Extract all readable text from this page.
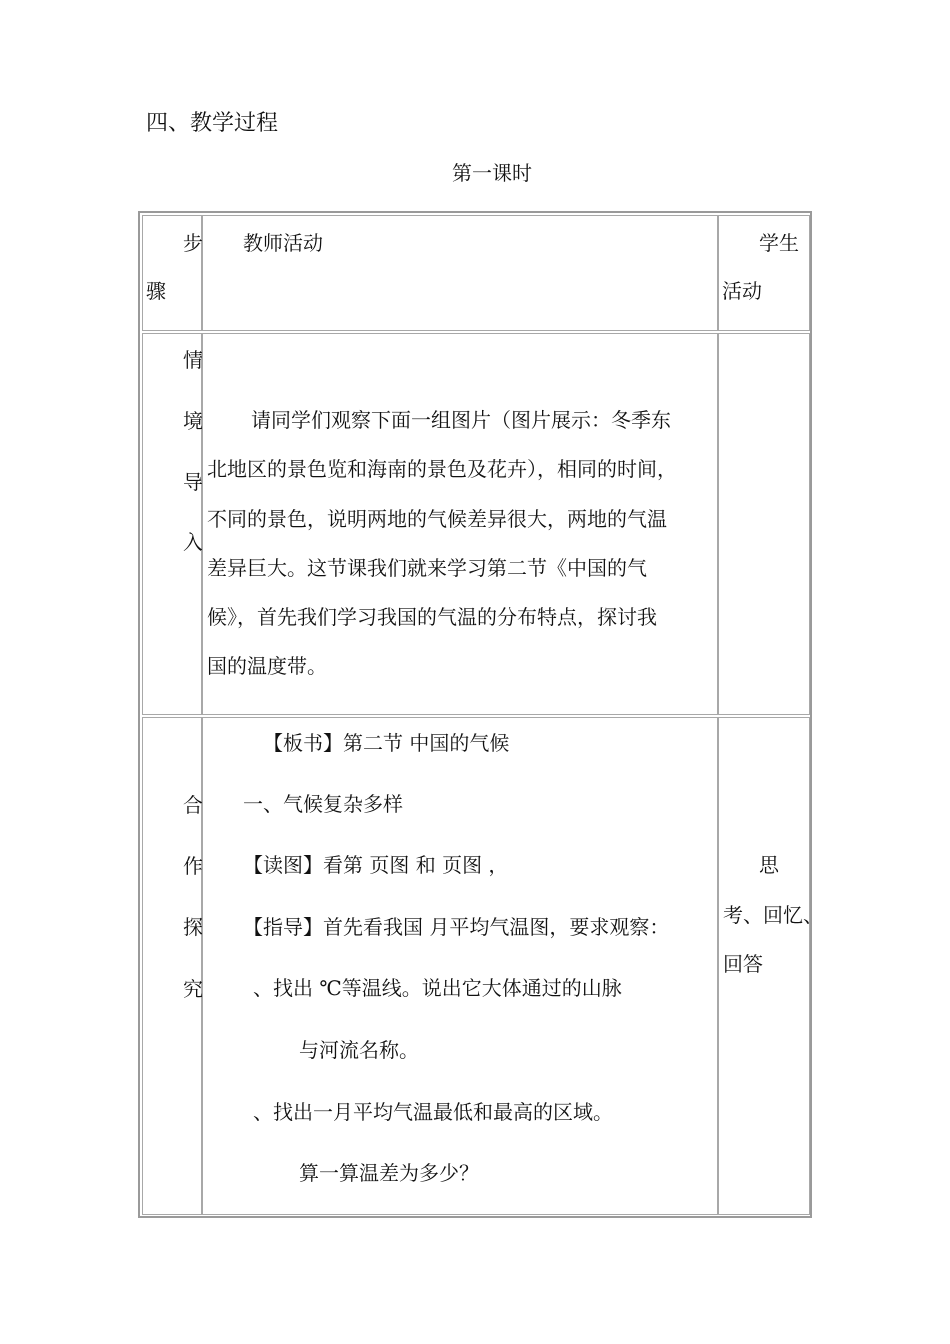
四、教学过程
第一课时
步
骤
教师活动	学生
活动
情
境
导
入
请同学们观察下面一组图片（图片展示：冬季东
北地区的景色览和海南的景色及花卉），相同的时间，
不同的景色，说明两地的气候差异很大，两地的气温
差异巨大。这节课我们就来学习第二节《中国的气
候》，首先我们学习我国的气温的分布特点，探讨我
国的温度带。
合
作
探
究
【板书】第二节 中国的气候
一、气候复杂多样
【读图】看第 页图 和 页图 ，
【指导】首先看我国 月平均气温图，要求观察：
、找出 ℃等温线。说出它大体通过的山脉
与河流名称。
、找出一月平均气温最低和最高的区域。
算一算温差为多少？
思
考、回忆、
回答
